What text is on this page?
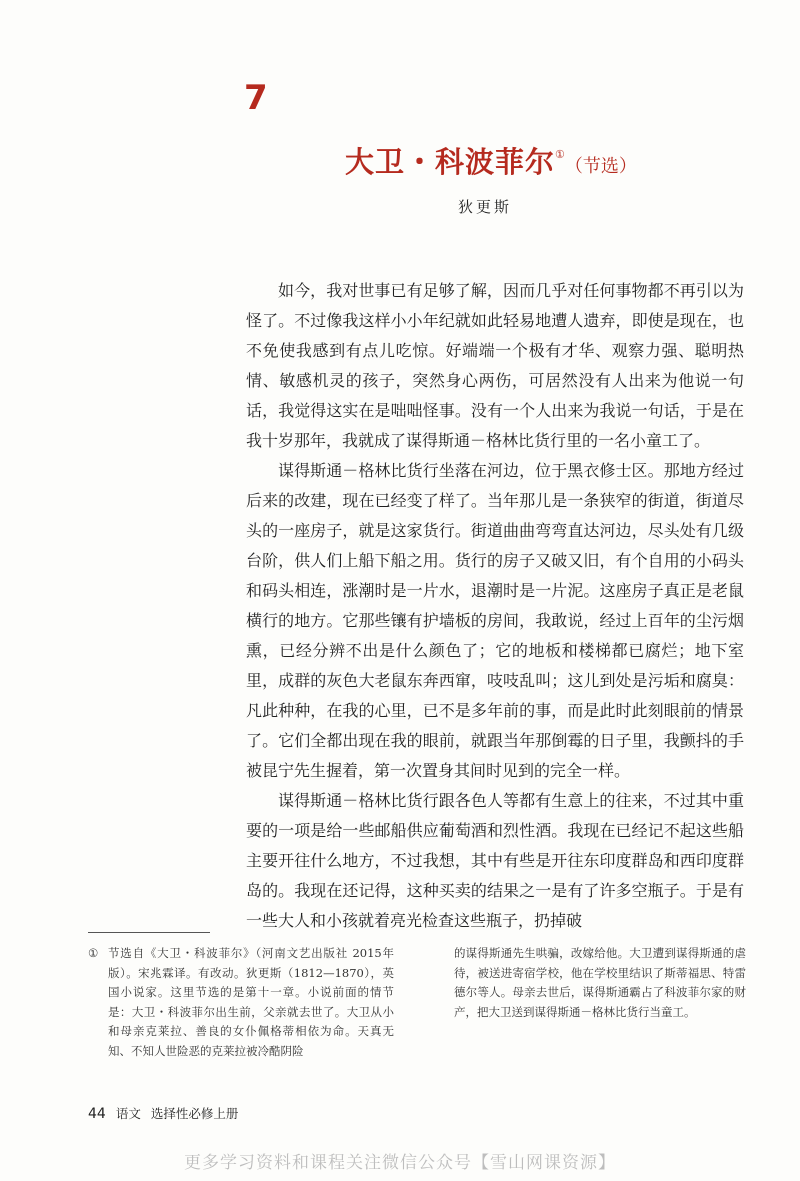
7
大卫・科波菲尔①（节选）
狄更斯

如今，我对世事已有足够了解，因而几乎对任何事物都不再引以为怪了。不过像我这样小小年纪就如此轻易地遭人遗弃，即使是现在，也不免使我感到有点儿吃惊。好端端一个极有才华、观察力强、聪明热情、敏感机灵的孩子，突然身心两伤，可居然没有人出来为他说一句话，我觉得这实在是咄咄怪事。没有一个人出来为我说一句话，于是在我十岁那年，我就成了谋得斯通－格林比货行里的一名小童工了。

谋得斯通－格林比货行坐落在河边，位于黑衣修士区。那地方经过后来的改建，现在已经变了样了。当年那儿是一条狭窄的街道，街道尽头的一座房子，就是这家货行。街道曲曲弯弯直达河边，尽头处有几级台阶，供人们上船下船之用。货行的房子又破又旧，有个自用的小码头和码头相连，涨潮时是一片水，退潮时是一片泥。这座房子真正是老鼠横行的地方。它那些镶有护墙板的房间，我敢说，经过上百年的尘污烟熏，已经分辨不出是什么颜色了；它的地板和楼梯都已腐烂；地下室里，成群的灰色大老鼠东奔西窜，吱吱乱叫；这儿到处是污垢和腐臭：凡此种种，在我的心里，已不是多年前的事，而是此时此刻眼前的情景了。它们全都出现在我的眼前，就跟当年那倒霉的日子里，我颤抖的手被昆宁先生握着，第一次置身其间时见到的完全一样。

谋得斯通－格林比货行跟各色人等都有生意上的往来，不过其中重要的一项是给一些邮船供应葡萄酒和烈性酒。我现在已经记不起这些船主要开往什么地方，不过我想，其中有些是开往东印度群岛和西印度群岛的。我现在还记得，这种买卖的结果之一是有了许多空瓶子。于是有一些大人和小孩就着亮光检查这些瓶子，扔掉破

① 节选自《大卫・科波菲尔》（河南文艺出版社 2015年版）。宋兆霖译。有改动。狄更斯（1812—1870），英国小说家。这里节选的是第十一章。小说前面的情节是：大卫・科波菲尔出生前，父亲就去世了。大卫从小和母亲克莱拉、善良的女仆佩格蒂相依为命。天真无知、不知人世险恶的克莱拉被冷酷阴险
的谋得斯通先生哄骗，改嫁给他。大卫遭到谋得斯通的虐待，被送进寄宿学校，他在学校里结识了斯蒂福思、特雷德尔等人。母亲去世后，谋得斯通霸占了科波菲尔家的财产，把大卫送到谋得斯通－格林比货行当童工。
44 语文 选择性必修上册
更多学习资料和课程关注微信公众号【雪山网课资源】
